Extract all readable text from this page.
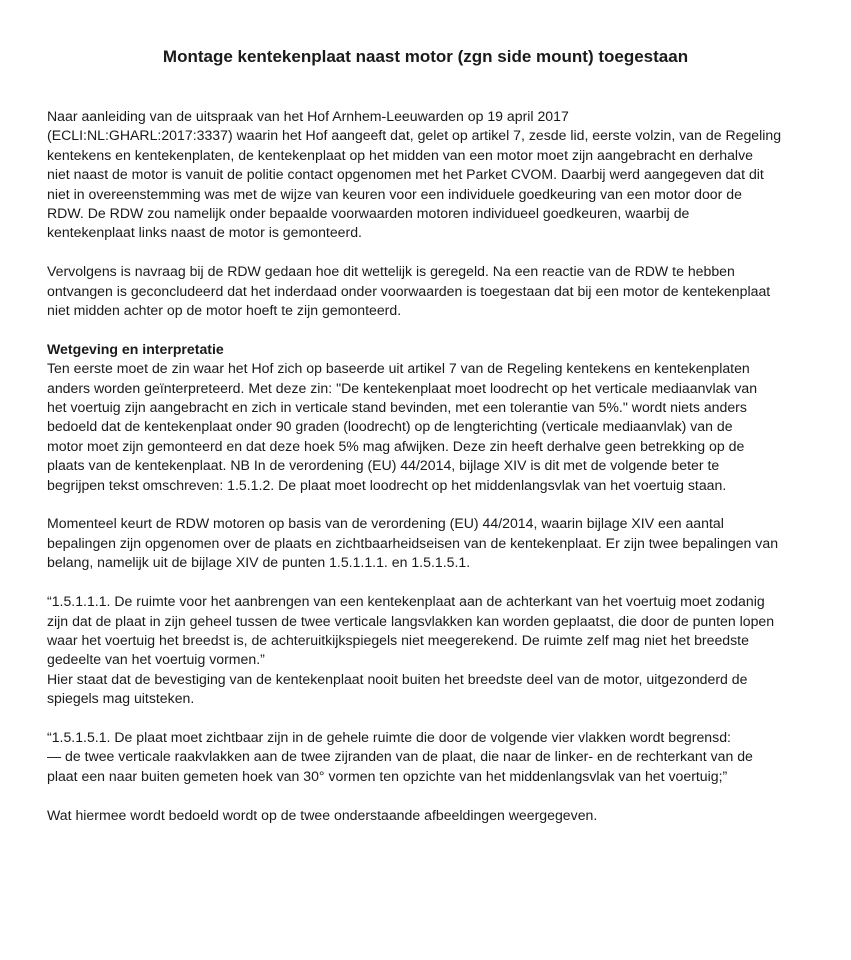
Montage kentekenplaat naast motor (zgn side mount) toegestaan
Naar aanleiding van de uitspraak van het Hof Arnhem-Leeuwarden op 19 april 2017
(ECLI:NL:GHARL:2017:3337) waarin het Hof aangeeft dat, gelet op artikel 7, zesde lid, eerste volzin, van de Regeling
kentekens en kentekenplaten, de kentekenplaat op het midden van een motor moet zijn aangebracht en derhalve
niet naast de motor is vanuit de politie contact opgenomen met het Parket CVOM. Daarbij werd aangegeven dat dit
niet in overeenstemming was met de wijze van keuren voor een individuele goedkeuring van een motor door de
RDW. De RDW zou namelijk onder bepaalde voorwaarden motoren individueel goedkeuren, waarbij de
kentekenplaat links naast de motor is gemonteerd.
Vervolgens is navraag bij de RDW gedaan hoe dit wettelijk is geregeld. Na een reactie van de RDW te hebben
ontvangen is geconcludeerd dat het inderdaad onder voorwaarden is toegestaan dat bij een motor de kentekenplaat
niet midden achter op de motor hoeft te zijn gemonteerd.
Wetgeving en interpretatie
Ten eerste moet de zin waar het Hof zich op baseerde uit artikel 7 van de Regeling kentekens en kentekenplaten
anders worden geïnterpreteerd. Met deze zin: "De kentekenplaat moet loodrecht op het verticale mediaanvlak van
het voertuig zijn aangebracht en zich in verticale stand bevinden, met een tolerantie van 5%." wordt niets anders
bedoeld dat de kentekenplaat onder 90 graden (loodrecht) op de lengterichting (verticale mediaanvlak) van de
motor moet zijn gemonteerd en dat deze hoek 5% mag afwijken. Deze zin heeft derhalve geen betrekking op de
plaats van de kentekenplaat. NB In de verordening (EU) 44/2014, bijlage XIV is dit met de volgende beter te
begrijpen tekst omschreven: 1.5.1.2. De plaat moet loodrecht op het middenlangsvlak van het voertuig staan.
Momenteel keurt de RDW motoren op basis van de verordening (EU) 44/2014, waarin bijlage XIV een aantal
bepalingen zijn opgenomen over de plaats en zichtbaarheidseisen van de kentekenplaat. Er zijn twee bepalingen van
belang, namelijk uit de bijlage XIV de punten 1.5.1.1.1. en 1.5.1.5.1.
“1.5.1.1.1. De ruimte voor het aanbrengen van een kentekenplaat aan de achterkant van het voertuig moet zodanig
zijn dat de plaat in zijn geheel tussen de twee verticale langsvlakken kan worden geplaatst, die door de punten lopen
waar het voertuig het breedst is, de achteruitkijkspiegels niet meegerekend. De ruimte zelf mag niet het breedste
gedeelte van het voertuig vormen.”
Hier staat dat de bevestiging van de kentekenplaat nooit buiten het breedste deel van de motor, uitgezonderd de
spiegels mag uitsteken.
“1.5.1.5.1. De plaat moet zichtbaar zijn in de gehele ruimte die door de volgende vier vlakken wordt begrensd:
— de twee verticale raakvlakken aan de twee zijranden van de plaat, die naar de linker- en de rechterkant van de
plaat een naar buiten gemeten hoek van 30° vormen ten opzichte van het middenlangsvlak van het voertuig;”
Wat hiermee wordt bedoeld wordt op de twee onderstaande afbeeldingen weergegeven.
